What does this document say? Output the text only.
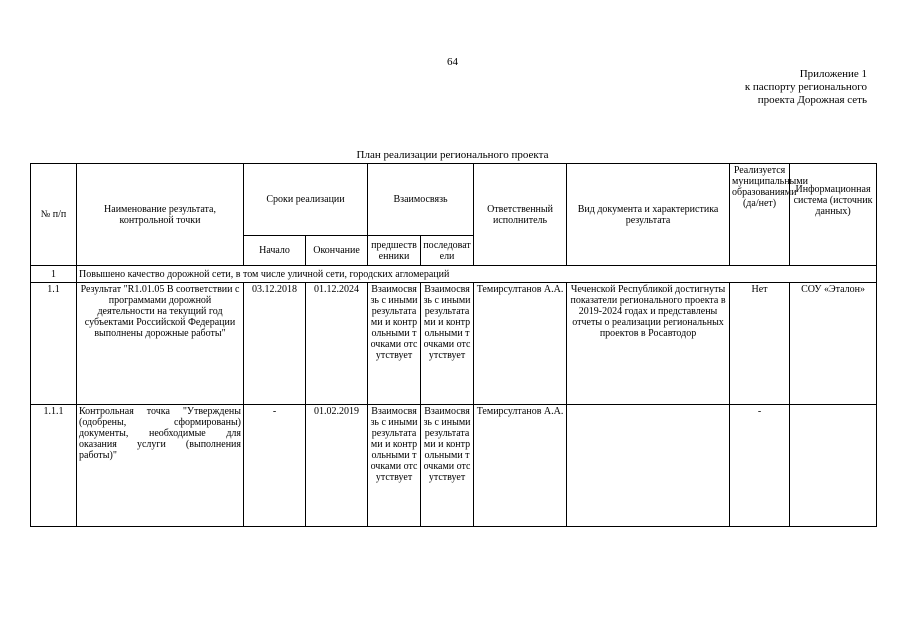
64
Приложение 1
к паспорту регионального
проекта Дорожная сеть
План реализации регионального проекта
№ п/п	Наименование результата, контрольной точки	Сроки реализации		Взаимосвязь		Ответственный исполнитель	Вид документа и характеристика результата	Реализуется муниципальными образованиями (да/нет)	Информационная система (источник данных)
		Начало	Окончание	предшественники	последователи				
1	Повышено качество дорожной сети, в том числе уличной сети, городских агломераций								
1.1	Результат "R1.01.05 В соответствии с программами дорожной деятельности на текущий год субъектами Российской Федерации выполнены дорожные работы"	03.12.2018	01.12.2024	Взаимосвязь с иными результатами и контрольными точками отсутствует	Взаимосвязь с иными результатами и контрольными точками отсутствует	Темирсултанов А.А.	Чеченской Республикой достигнуты показатели регионального проекта в 2019-2024 годах и представлены отчеты о реализации региональных проектов в Росавтодор	Нет	СОУ «Эталон»
1.1.1	Контрольная точка "Утверждены (одобрены, сформированы) документы, необходимые для оказания услуги (выполнения работы)"	-	01.02.2019	Взаимосвязь с иными результатами и контрольными точками отсутствует	Взаимосвязь с иными результатами и контрольными точками отсутствует	Темирсултанов А.А.		-	
